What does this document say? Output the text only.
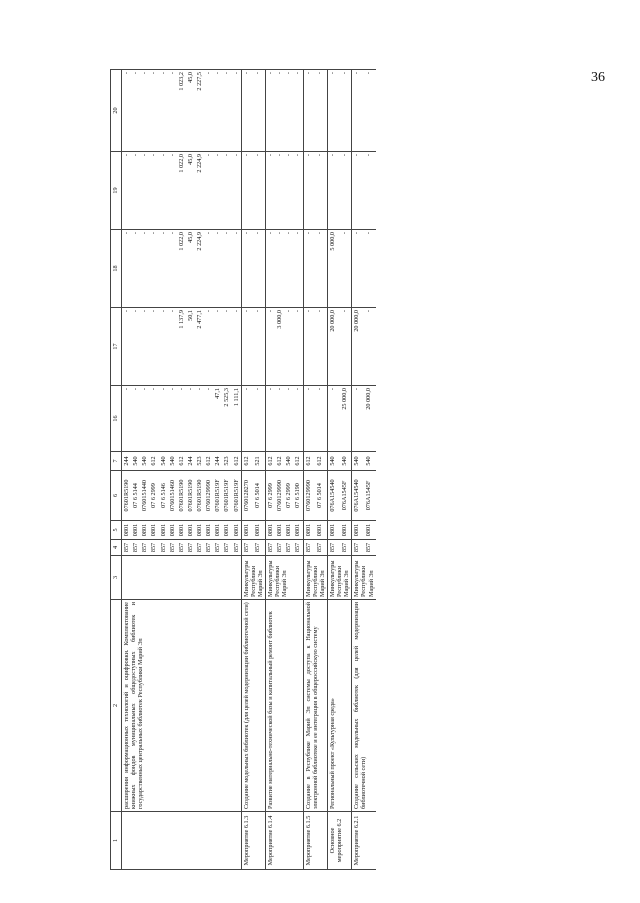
36
1	2	3	4	5	6	7	16	17	18	19	20
	расширения информационных технологий и оцифровки. Комплектование книжных фондов муниципальных общедоступных библиотек и государственных центральных библиотек Республики Марий Эл		857	0801	07601R5190	244	-	-	-	-	-
			857	0801	07 6 5144	540	-	-	-	-	-
			857	0801	0760151440	540	-	-	-	-	-
			857	0801	07 6 2999	612	-	-	-	-	-
			857	0801	07 6 5146	540	-	-	-	-	-
			857	0801	0760151460	540	-	-	-	-	-
			857	0801	07601R5190	612	-	1 137,9	1 022,0	1 022,0	1 023,2
			857	0801	07601R5190	244	-	50,1	45,0	45,0	45,0
			857	0801	07601R5190	523	-	2 477,1	2 224,9	2 224,9	2 227,5
			857	0801	0760129990	612	-	-	-	-	-
			857	0801	07601R519F	244	47,1	-	-	-	-
			857	0801	07601R519F	523	2 525,3	-	-	-	-
			857	0801	07601R519F	612	1 111,1	-	-	-	-
Мероприятие 6.1.3	Создание модельных библиотек (для целей модернизации библиотечной сети)	Минкультуры Республики Марий Эл	857	0801	0760128270	612	-	-	-	-	-
			857	0801	07 6 5014	521	-	-	-	-	-
Мероприятие 6.1.4	Развитие материально-технической базы и капитальный ремонт библиотек	Минкультуры Республики Марий Эл	857	0801	07 6 2999	612	-	-	-	-	-
			857	0801	0760129990	612	-	3 000,0	-	-	-
			857	0801	07 6 2999	540	-	-	-	-	-
			857	0801	07 6 5190	612	-	-	-	-	-
Мероприятие 6.1.5	Создание в Республике Марий Эл системы доступа к Национальной электронной библиотеке и ее интеграция в общероссийскую систему	Минкультуры Республики Марий Эл	857	0801	0760129990	612	-	-	-	-	-
			857	0801	07 6 5014	612	-	-	-	-	-
Основное мероприятие 6.2	Региональный проект «Культурная среда»	Минкультуры Республики Марий Эл	857	0801	076A154540	540	-	20 000,0	5 000,0	-	-
			857	0801	076A1545F	540	25 000,0	-	-	-	-
Мероприятие 6.2.1	Создание сельских модельных библиотек (для целей модернизации библиотечной сети)	Минкультуры Республики Марий Эл	857	0801	076A154540	540	-	20 000,0	-	-	-
			857	0801	076A1545F	540	20 000,0	-	-	-	-
